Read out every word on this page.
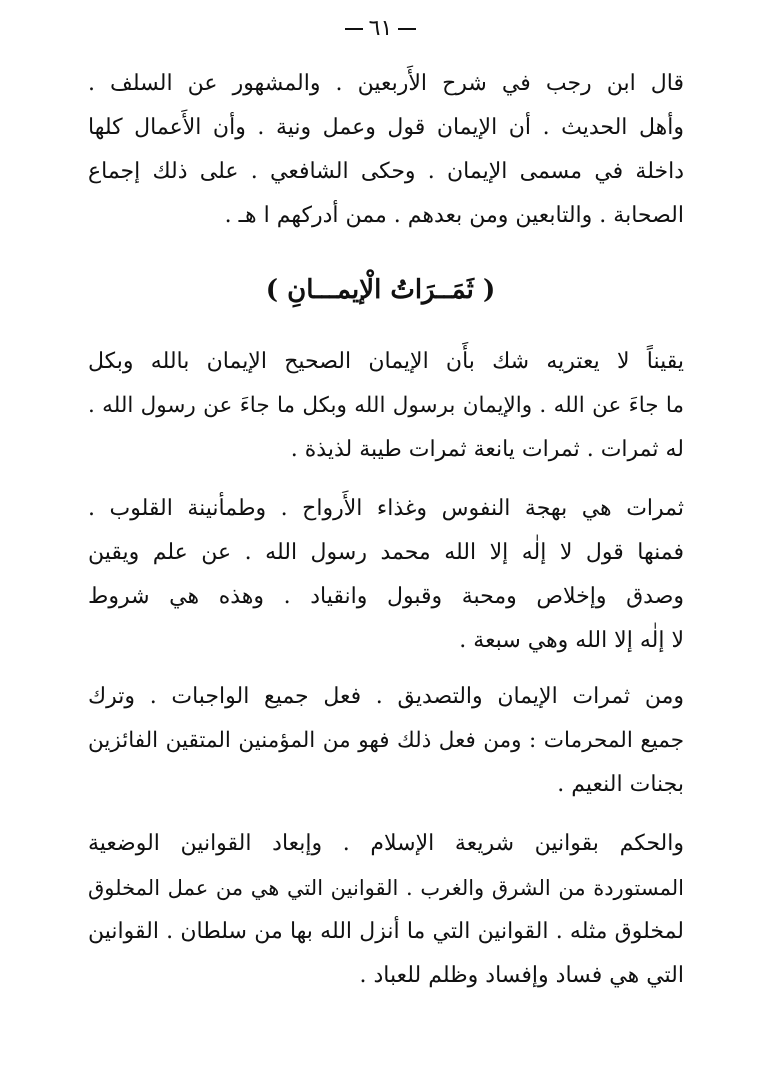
٦١
قال ابن رجب في شرح الأَربعين . والمشهور عن السلف .
وأهل الحديث . أن الإيمان قول وعمل ونية . وأن الأَعمال كلها
داخلة في مسمى الإيمان . وحكى الشافعي . على ذلك إجماع
الصحابة . والتابعين ومن بعدهم . ممن أدركهم ا هـ .
( ثَمَــرَاتُ الْإيمـــانِ )
يقيناً لا يعتريه شك بأَن الإيمان الصحيح الإيمان بالله وبكل
ما جاءَ عن الله . والإيمان برسول الله وبكل ما جاءَ عن رسول الله .
له ثمرات . ثمرات يانعة ثمرات طيبة لذيذة .
ثمرات هي بهجة النفوس وغذاء الأَرواح . وطمأنينة القلوب .
فمنها قول لا إلٰه إلا الله محمد رسول الله . عن علم ويقين
وصدق وإخلاص ومحبة وقبول وانقياد . وهذه هي شروط
لا إلٰه إلا الله وهي سبعة .
ومن ثمرات الإيمان والتصديق . فعل جميع الواجبات . وترك
جميع المحرمات : ومن فعل ذلك فهو من المؤمنين المتقين الفائزين
بجنات النعيم .
والحكم بقوانين شريعة الإسلام . وإبعاد القوانين الوضعية
المستوردة من الشرق والغرب . القوانين التي هي من عمل المخلوق
لمخلوق مثله . القوانين التي ما أنزل الله بها من سلطان . القوانين
التي هي فساد وإفساد وظلم للعباد .
